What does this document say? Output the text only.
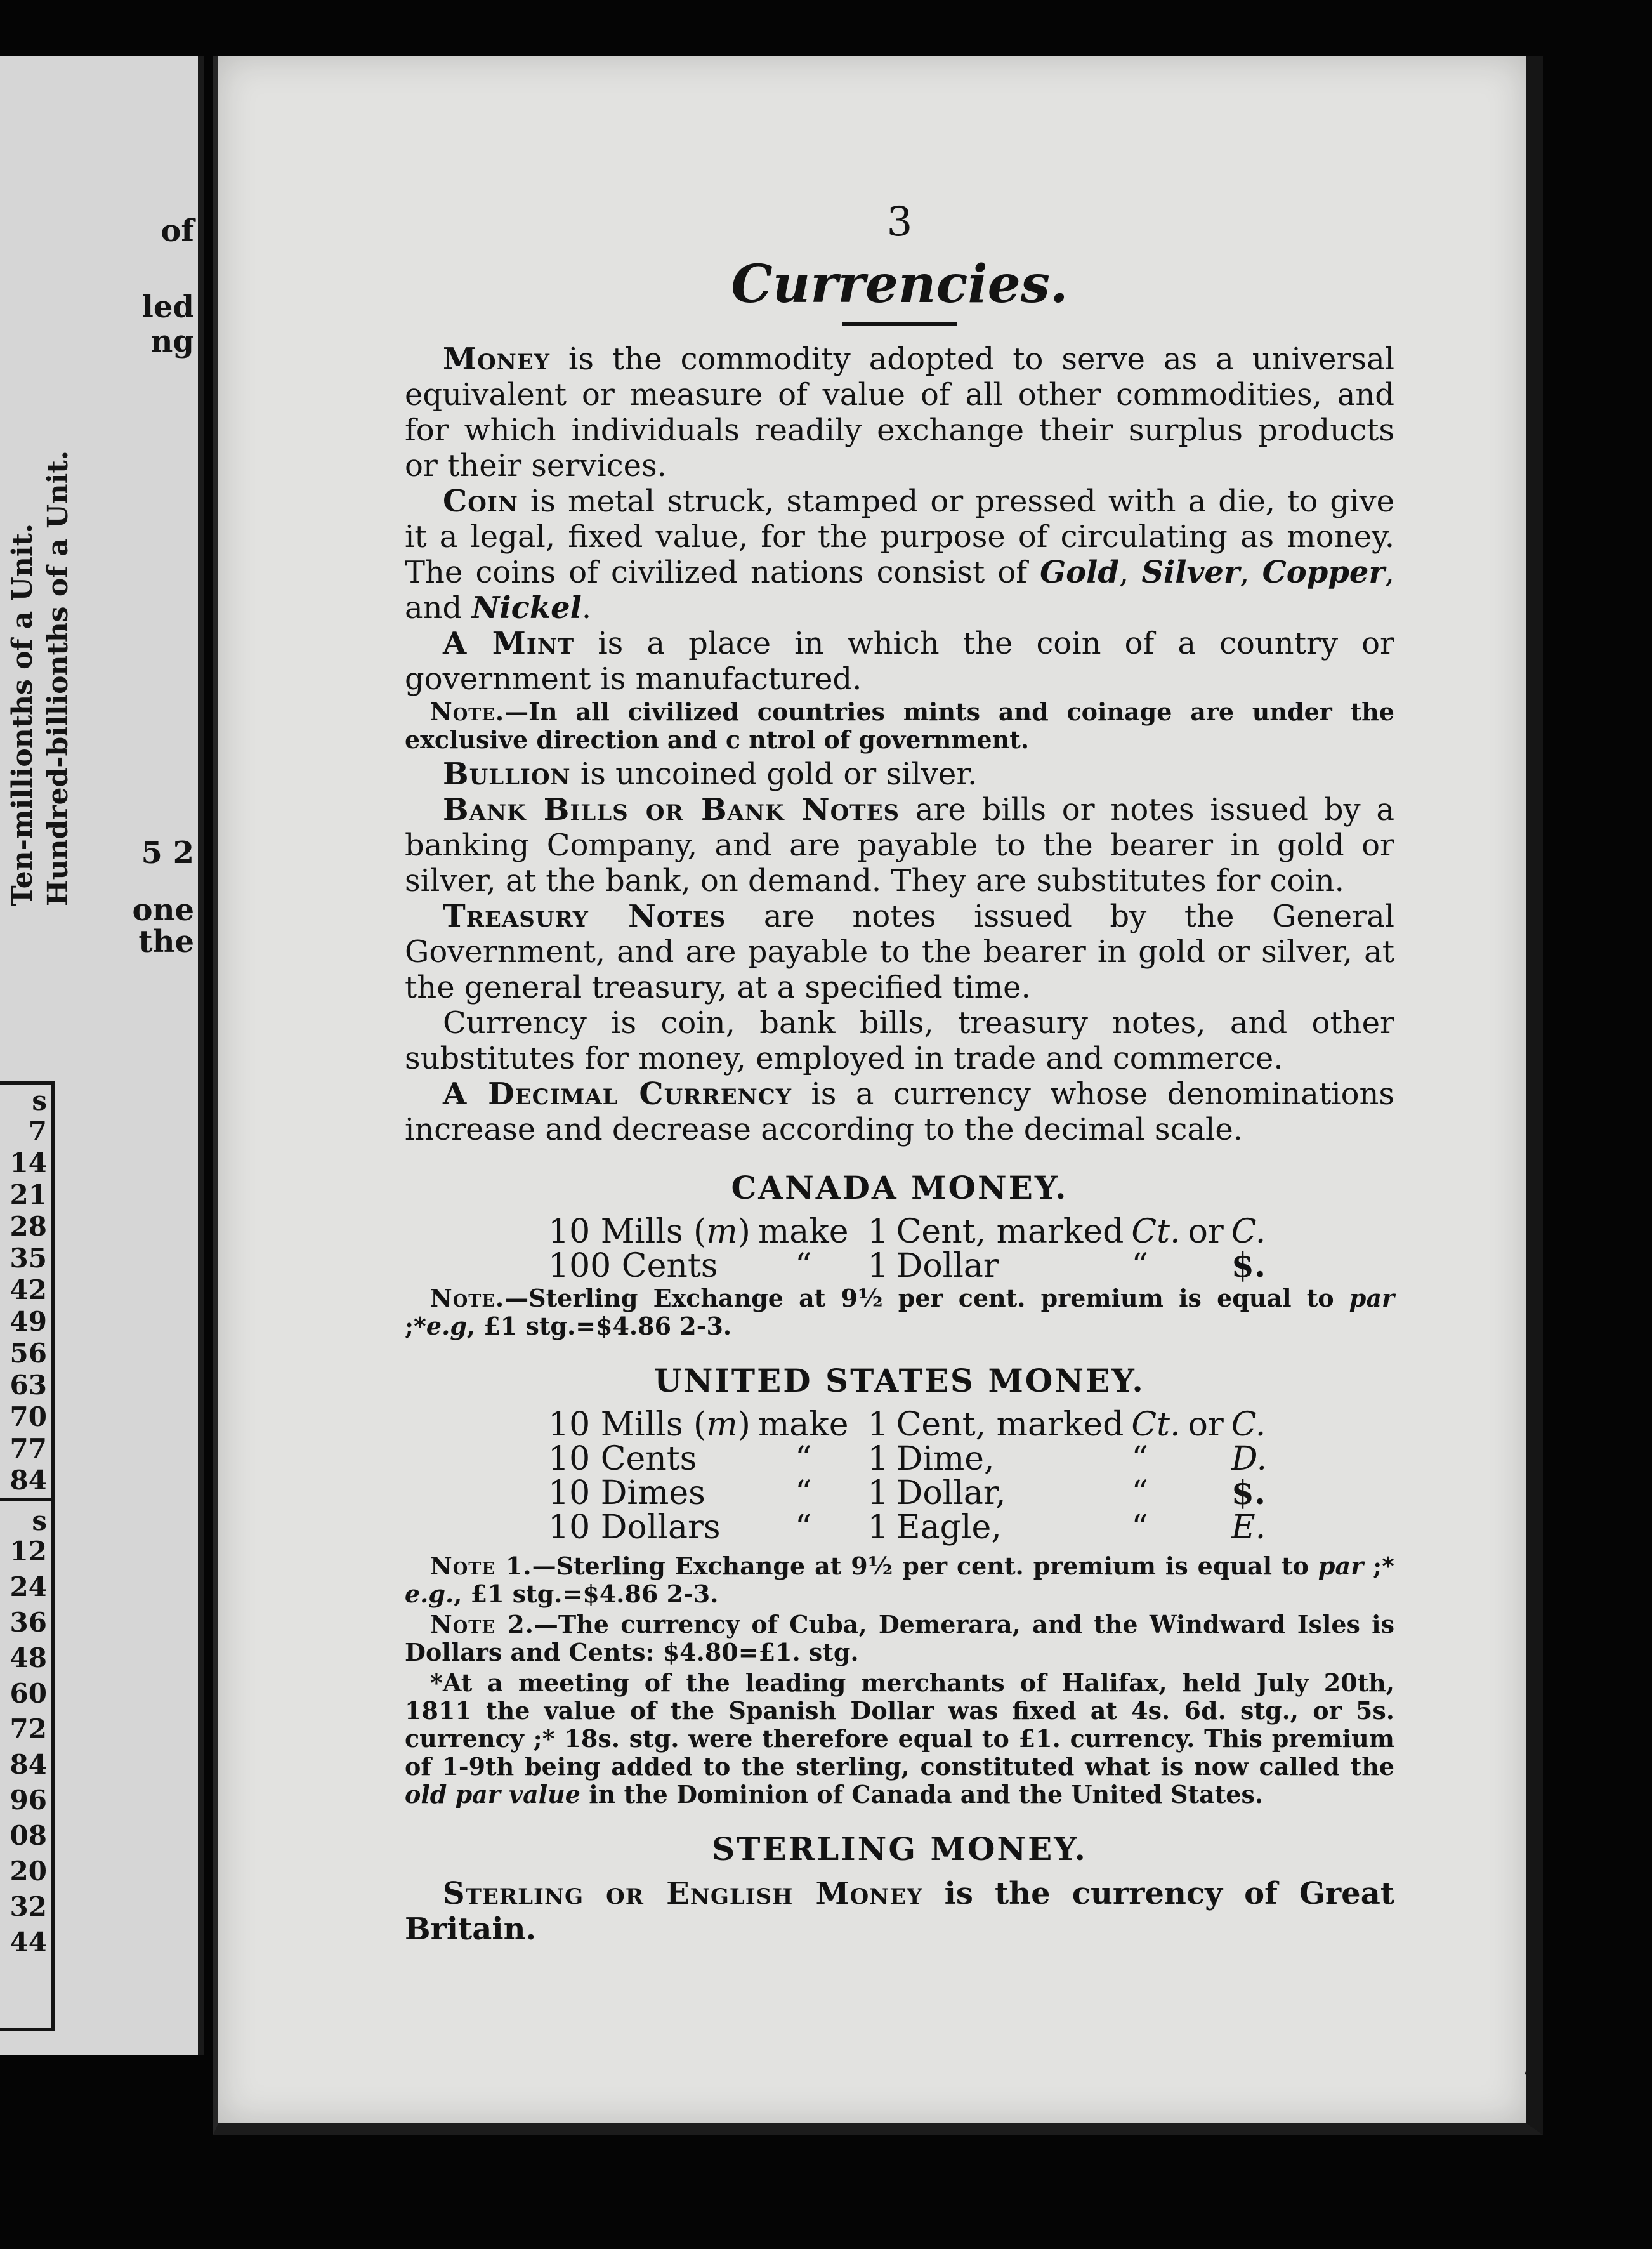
of
led
ng
Ten-millionths of a Unit. Hundred-billionths of a Unit. 5 2
one
the
s
7
14
21
28
35
42
49
56
63
70
77
84
s
12
24
36
48
60
72
84
96
08
20
32
44
3
Currencies.

Money is the commodity adopted to serve as a universal equivalent or measure of value of all other commodities, and for which individuals readily exchange their surplus products or their services.

Coin is metal struck, stamped or pressed with a die, to give it a legal, fixed value, for the purpose of circulating as money. The coins of civilized nations consist of Gold, Silver, Copper, and Nickel.

A Mint is a place in which the coin of a country or government is manufactured.

Note.—In all civilized countries mints and coinage are under the exclusive direction and c ntrol of government.

Bullion is uncoined gold or silver.

Bank Bills or Bank Notes are bills or notes issued by a banking Company, and are payable to the bearer in gold or silver, at the bank, on demand. They are substitutes for coin.

Treasury Notes are notes issued by the General Government, and are payable to the bearer in gold or silver, at the general treasury, at a specified time.

Currency is coin, bank bills, treasury notes, and other substitutes for money, employed in trade and commerce.

A Decimal Currency is a currency whose denominations increase and decrease according to the decimal scale.

CANADA MONEY.
10 Mills (m)	make	1	Cent, marked	Ct.	or	C.
100 Cents	“	1	Dollar	“		$.

Note.—Sterling Exchange at 9½ per cent. premium is equal to par ;*e.g, £1 stg.=$4.86 2-3.

UNITED STATES MONEY.
10 Mills (m)	make	1	Cent, marked	Ct.	or	C.
10 Cents	“	1	Dime,	“		D.
10 Dimes	“	1	Dollar,	“		$.
10 Dollars	“	1	Eagle,	“		E.

Note 1.—Sterling Exchange at 9½ per cent. premium is equal to par ;* e.g., £1 stg.=$4.86 2-3.

Note 2.—The currency of Cuba, Demerara, and the Windward Isles is Dollars and Cents: $4.80=£1. stg.

*At a meeting of the leading merchants of Halifax, held July 20th, 1811 the value of the Spanish Dollar was fixed at 4s. 6d. stg., or 5s. currency ;* 18s. stg. were therefore equal to £1. currency. This premium of 1-9th being added to the sterling, constituted what is now called the old par value in the Dominion of Canada and the United States.

STERLING MONEY.

Sterling or English Money is the currency of Great Britain.
